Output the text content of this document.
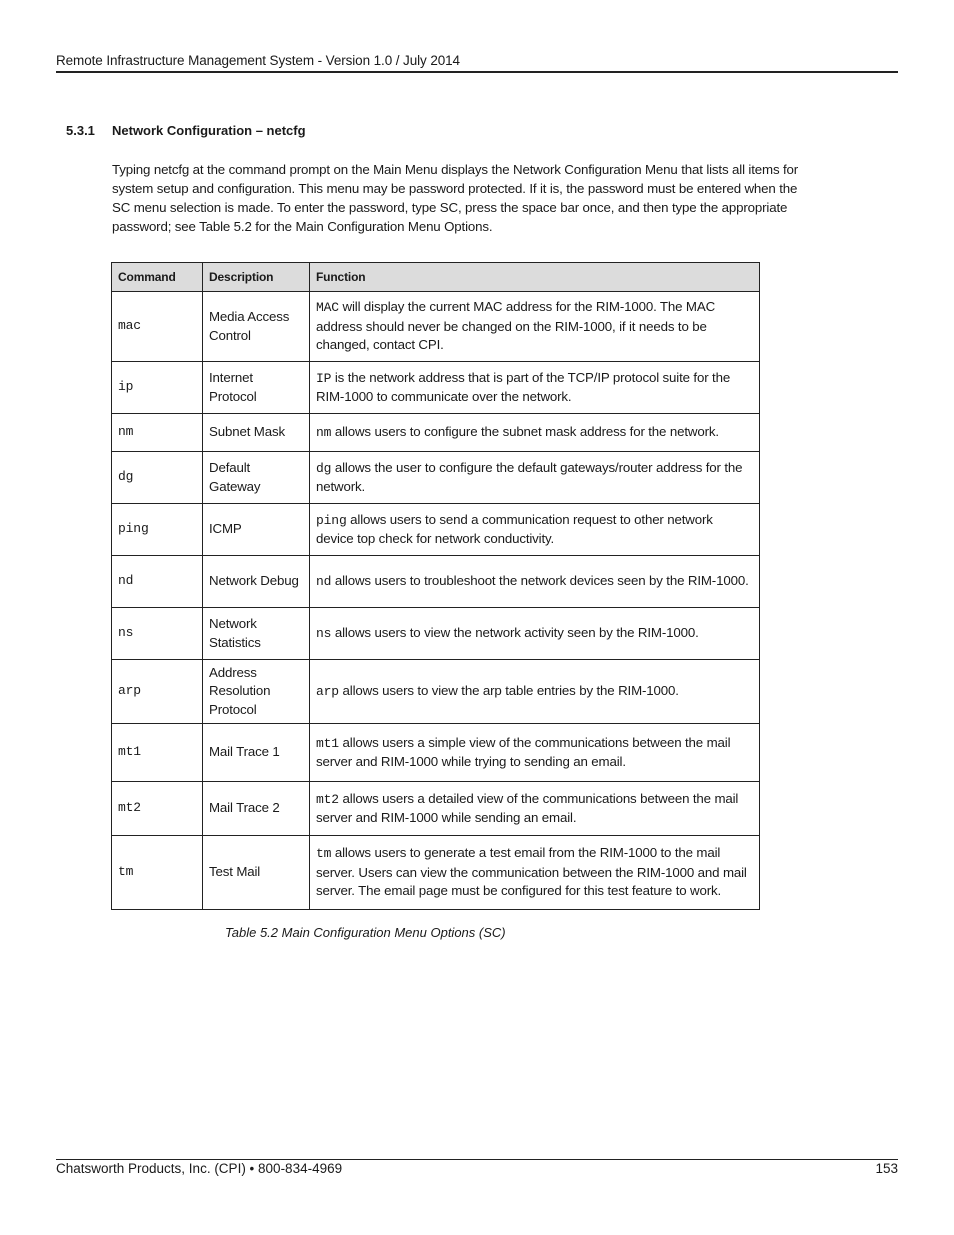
Remote Infrastructure Management System - Version 1.0 / July 2014
5.3.1 Network Configuration – netcfg
Typing netcfg at the command prompt on the Main Menu displays the Network Configuration Menu that lists all items for system setup and configuration. This menu may be password protected. If it is, the password must be entered when the SC menu selection is made. To enter the password, type SC, press the space bar once, and then type the appropriate password; see Table 5.2 for the Main Configuration Menu Options.
Command	Description	Function
mac	Media Access Control	MAC will display the current MAC address for the RIM-1000. The MAC address should never be changed on the RIM-1000, if it needs to be changed, contact CPI.
ip	Internet Protocol	IP is the network address that is part of the TCP/IP protocol suite for the RIM-1000 to communicate over the network.
nm	Subnet Mask	nm allows users to configure the subnet mask address for the network.
dg	Default Gateway	dg allows the user to configure the default gateways/router address for the network.
ping	ICMP	ping allows users to send a communication request to other network device top check for network conductivity.
nd	Network Debug	nd allows users to troubleshoot the network devices seen by the RIM-1000.
ns	Network Statistics	ns allows users to view the network activity seen by the RIM-1000.
arp	Address Resolution Protocol	arp allows users to view the arp table entries by the RIM-1000.
mt1	Mail Trace 1	mt1 allows users a simple view of the communications between the mail server and RIM-1000 while trying to sending an email.
mt2	Mail Trace 2	mt2 allows users a detailed view of the communications between the mail server and RIM-1000 while sending an email.
tm	Test Mail	tm allows users to generate a test email from the RIM-1000 to the mail server. Users can view the communication between the RIM-1000 and mail server. The email page must be configured for this test feature to work.
Table 5.2 Main Configuration Menu Options (SC)
Chatsworth Products, Inc. (CPI) • 800-834-4969	153
